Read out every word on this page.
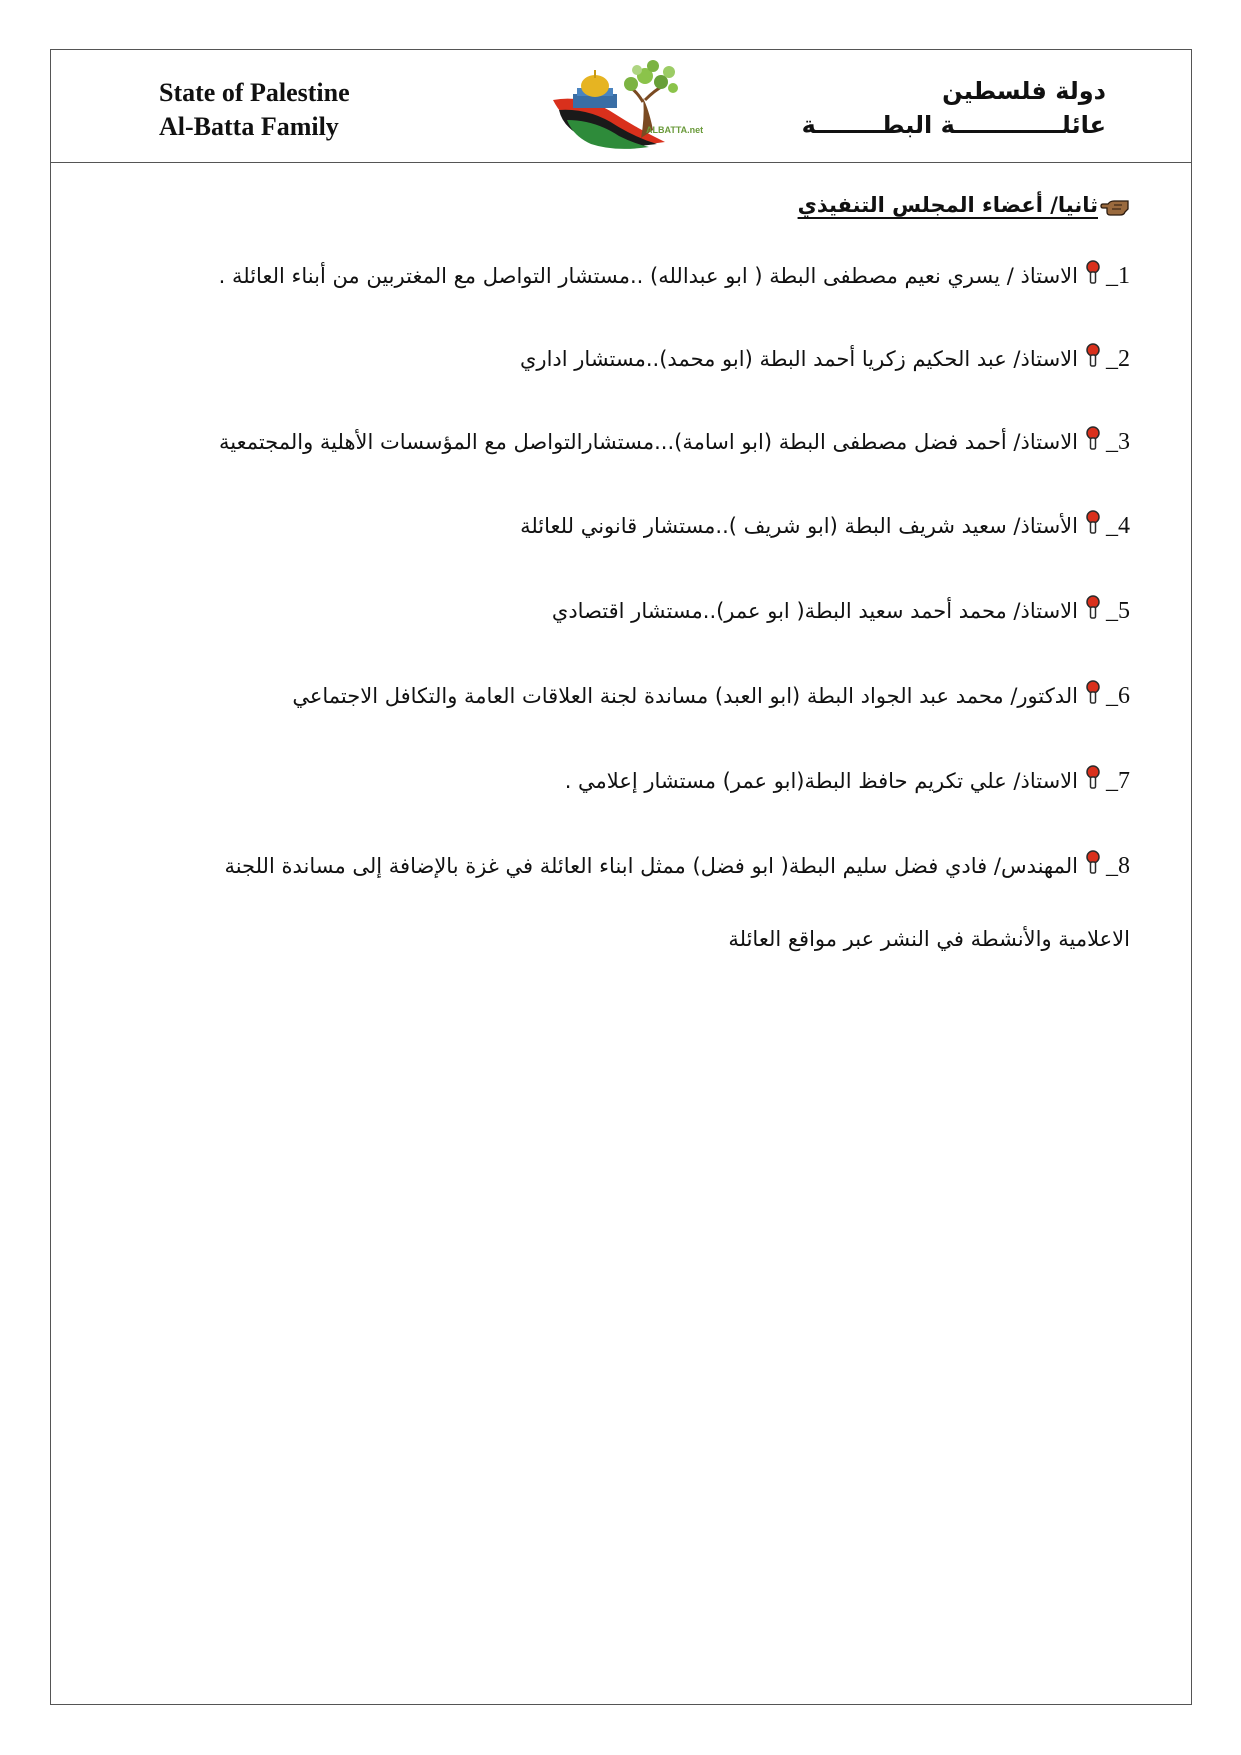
State of Palestine
Al-Batta Family	ALBATTA.net
دولة فلسطين
عائلـــــــــــــة البطــــــــة
ثانيا/ أعضاء المجلس التنفيذي
1_الاستاذ / يسري نعيم مصطفى البطة ( ابو عبدالله) ..مستشار التواصل مع المغتربين من أبناء العائلة .
2_الاستاذ/ عبد الحكيم زكريا أحمد البطة (ابو محمد)..مستشار اداري
3_الاستاذ/ أحمد فضل مصطفى البطة (ابو اسامة)...مستشارالتواصل مع المؤسسات الأهلية والمجتمعية
4_الأستاذ/ سعيد شريف البطة (ابو شريف )..مستشار قانوني للعائلة
5_الاستاذ/ محمد أحمد سعيد البطة( ابو عمر)..مستشار اقتصادي
6_الدكتور/ محمد عبد الجواد البطة (ابو العبد) مساندة لجنة العلاقات العامة والتكافل الاجتماعي
7_الاستاذ/ علي تكريم حافظ البطة(ابو عمر) مستشار إعلامي .
8_المهندس/ فادي فضل سليم البطة( ابو فضل) ممثل ابناء العائلة في غزة بالإضافة إلى مساندة اللجنة
الاعلامية والأنشطة في النشر عبر مواقع العائلة
